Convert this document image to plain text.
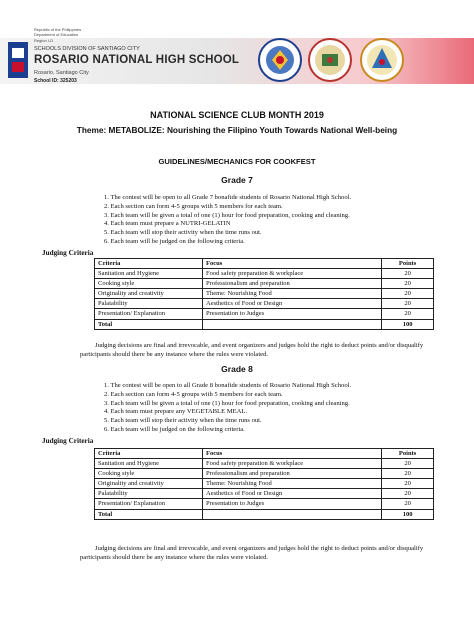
Republic of the Philippines
Department of Education
Region I-D
SCHOOLS DIVISION OF SANTIAGO CITY
ROSARIO NATIONAL HIGH SCHOOL
Rosario, Santiago City
School ID: 325203
NATIONAL SCIENCE CLUB MONTH 2019
Theme: METABOLIZE: Nourishing the Filipino Youth Towards National Well-being
GUIDELINES/MECHANICS FOR COOKFEST
Grade 7
1. The contest will be open to all Grade 7 bonafide students of Rosario National High School.
2. Each section can form 4-5 groups with 5 members for each team.
3. Each team will be given a total of one (1) hour for food preparation, cooking and cleaning.
4. Each team must prepare a NUTRI-GELATIN
5. Each team will stop their activity when the time runs out.
6. Each team will be judged on the following criteria.
Judging Criteria
Criteria	Focus	Points
Sanitation and Hygiene	Food safety preparation & workplace	20
Cooking style	Professionalism and preparation	20
Originality and creativity	Theme: Nourishing Food	20
Palatability	Aesthetics of Food or Design	20
Presentation/ Explanation	Presentation to Judges	20
Total		100
Judging decisions are final and irrevocable, and event organizers and judges hold the right to deduct points and/or disqualify participants should there be any instance where the rules were violated.
Grade 8
1. The contest will be open to all Grade 8 bonafide students of Rosario National High School.
2. Each section can form 4-5 groups with 5 members for each team.
3. Each team will be given a total of one (1) hour for food preparation, cooking and cleaning.
4. Each team must prepare any VEGETABLE MEAL.
5. Each team will stop their activity when the time runs out.
6. Each team will be judged on the following criteria.
Judging Criteria
Criteria	Focus	Points
Sanitation and Hygiene	Food safety preparation & workplace	20
Cooking style	Professionalism and preparation	20
Originality and creativity	Theme: Nourishing Food	20
Palatability	Aesthetics of Food or Design	20
Presentation/ Explanation	Presentation to Judges	20
Total		100
Judging decisions are final and irrevocable, and event organizers and judges hold the right to deduct points and/or disqualify participants should there be any instance where the rules were violated.
